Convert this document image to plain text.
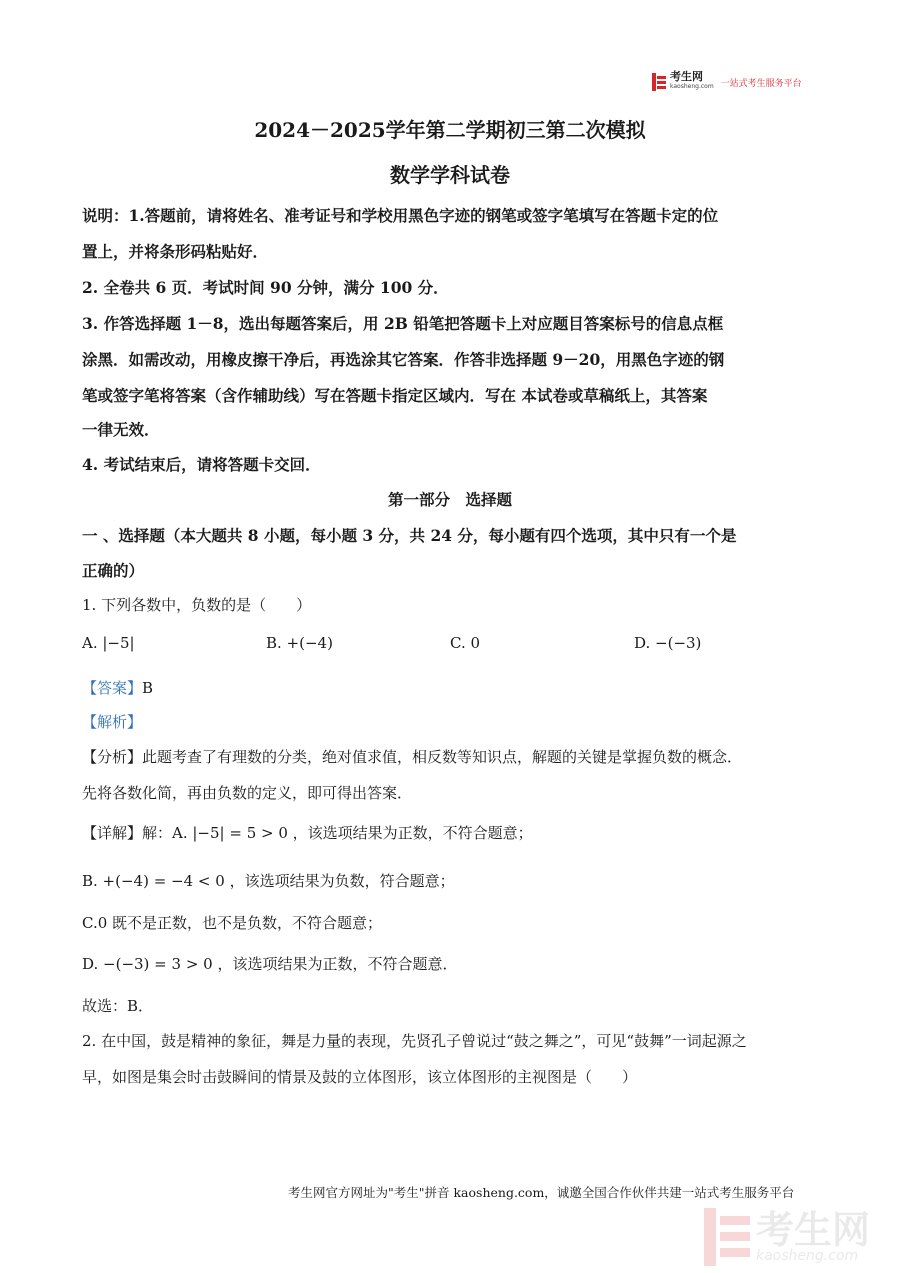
考生网
kaosheng.com 一站式考生服务平台
2024－2025学年第二学期初三第二次模拟
数学学科试卷
说明：1.答题前，请将姓名、准考证号和学校用黑色字迹的钢笔或签字笔填写在答题卡定的位
置上，并将条形码粘贴好．
2. 全卷共 6 页．考试时间 90 分钟，满分 100 分．
3. 作答选择题 1－8，选出每题答案后，用 2B 铅笔把答题卡上对应题目答案标号的信息点框
涂黑．如需改动，用橡皮擦干净后，再选涂其它答案．作答非选择题 9－20，用黑色字迹的钢
笔或签字笔将答案（含作辅助线）写在答题卡指定区域内．写在 本试卷或草稿纸上，其答案
一律无效．
4. 考试结束后，请将答题卡交回．
第一部分　选择题
一 、选择题（本大题共 8 小题，每小题 3 分，共 24 分，每小题有四个选项，其中只有一个是
正确的）
1. 下列各数中，负数的是（　　）
A. |−5|	B. +(−4)	C. 0	D. −(−3)
【答案】B
【解析】
【分析】此题考查了有理数的分类，绝对值求值，相反数等知识点，解题的关键是掌握负数的概念．
先将各数化简，再由负数的定义，即可得出答案．
【详解】解：A. |−5| = 5 > 0 ，该选项结果为正数，不符合题意；
B. +(−4) = −4 < 0 ，该选项结果为负数，符合题意；
C.0 既不是正数，也不是负数，不符合题意；
D. −(−3) = 3 > 0 ，该选项结果为正数，不符合题意．
故选：B．
2. 在中国，鼓是精神的象征，舞是力量的表现，先贤孔子曾说过“鼓之舞之”，可见“鼓舞”一词起源之
早，如图是集会时击鼓瞬间的情景及鼓的立体图形，该立体图形的主视图是（　　）
考生网官方网址为"考生"拼音 kaosheng.com，诚邀全国合作伙伴共建一站式考生服务平台
考生网
kaosheng.com
